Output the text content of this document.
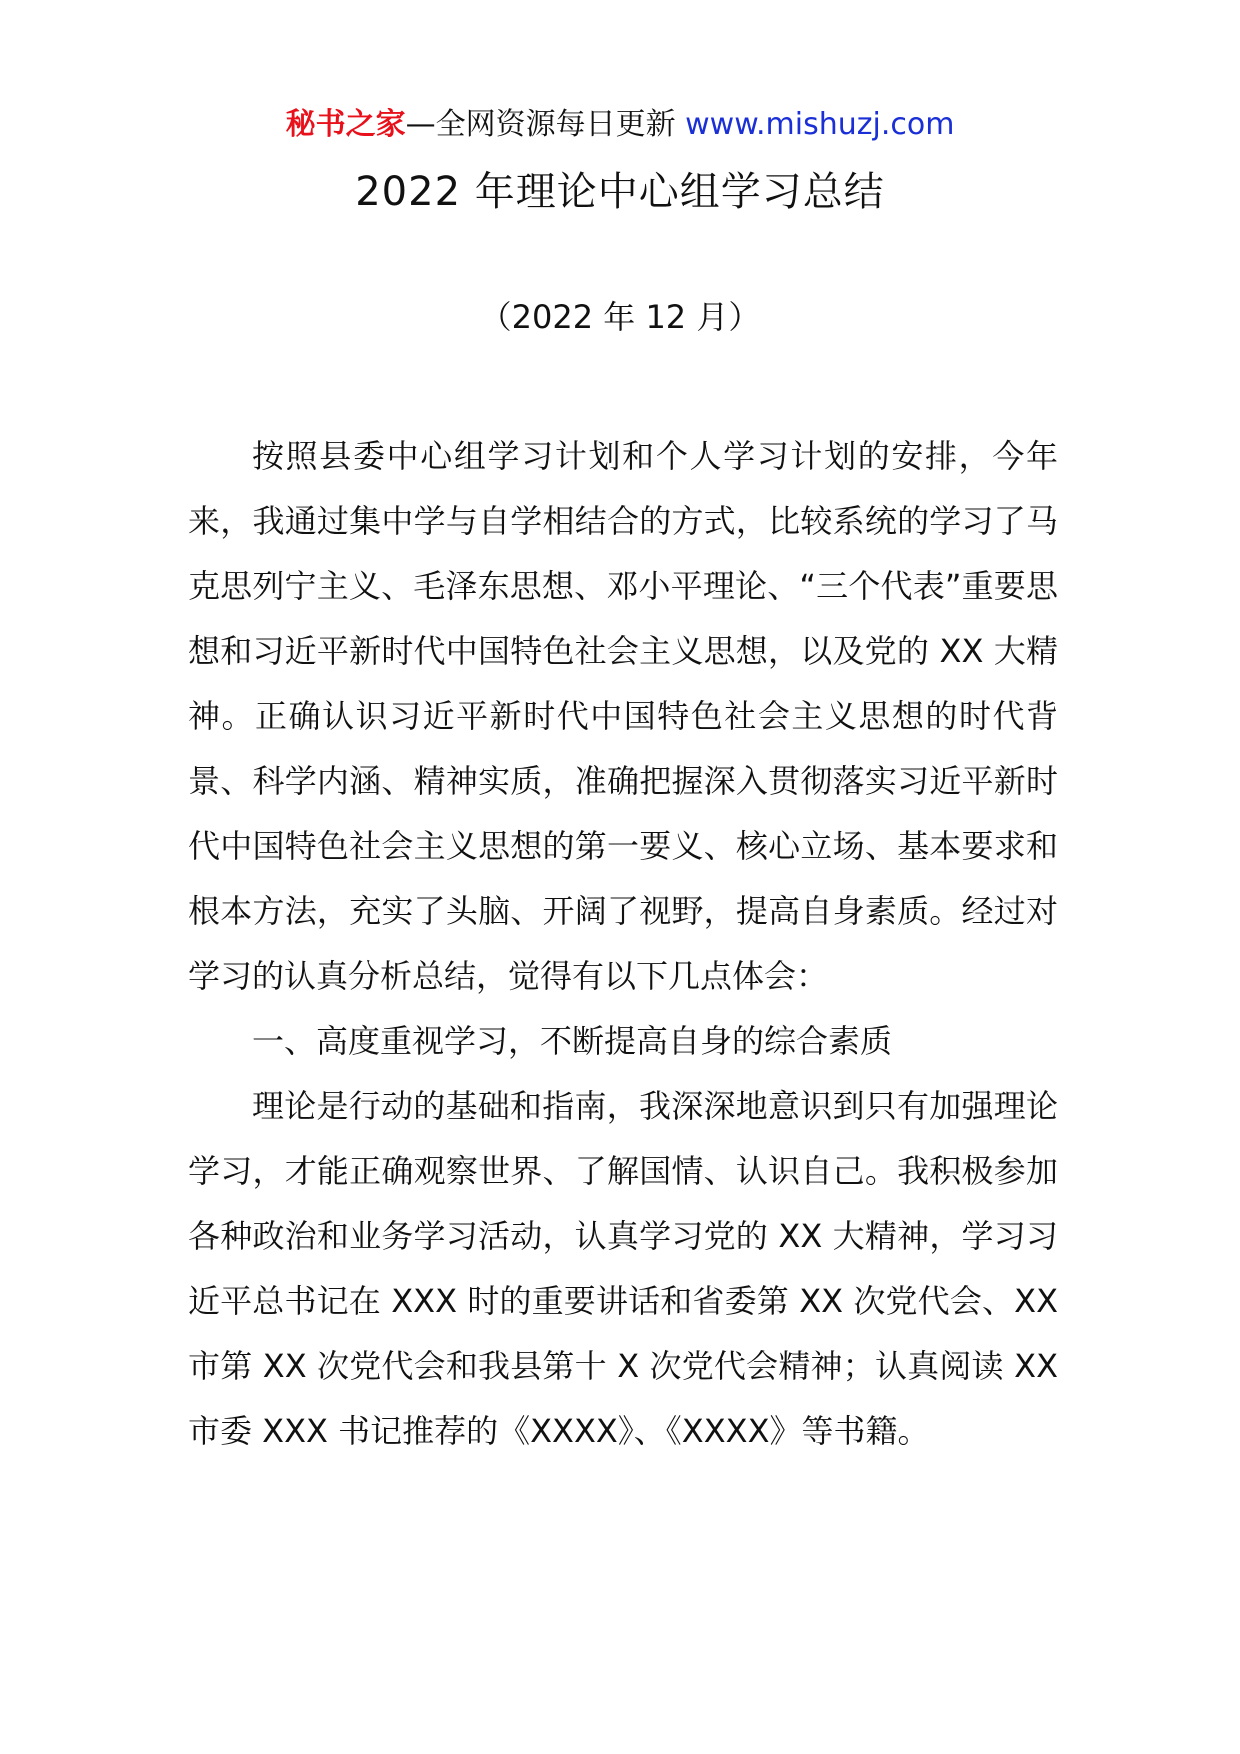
秘书之家—全网资源每日更新 www.mishuzj.com
2022 年理论中心组学习总结
（2022 年 12 月）

按照县委中心组学习计划和个人学习计划的安排，今年来，我通过集中学与自学相结合的方式，比较系统的学习了马克思列宁主义、毛泽东思想、邓小平理论、“三个代表”重要思想和习近平新时代中国特色社会主义思想，以及党的 XX 大精神。正确认识习近平新时代中国特色社会主义思想的时代背景、科学内涵、精神实质，准确把握深入贯彻落实习近平新时代中国特色社会主义思想的第一要义、核心立场、基本要求和根本方法，充实了头脑、开阔了视野，提高自身素质。经过对学习的认真分析总结，觉得有以下几点体会：

一、高度重视学习，不断提高自身的综合素质

理论是行动的基础和指南，我深深地意识到只有加强理论学习，才能正确观察世界、了解国情、认识自己。我积极参加各种政治和业务学习活动，认真学习党的 XX 大精神，学习习近平总书记在 XXX 时的重要讲话和省委第 XX 次党代会、XX 市第 XX 次党代会和我县第十 X 次党代会精神；认真阅读 XX 市委 XXX 书记推荐的《XXXX》、《XXXX》等书籍。
